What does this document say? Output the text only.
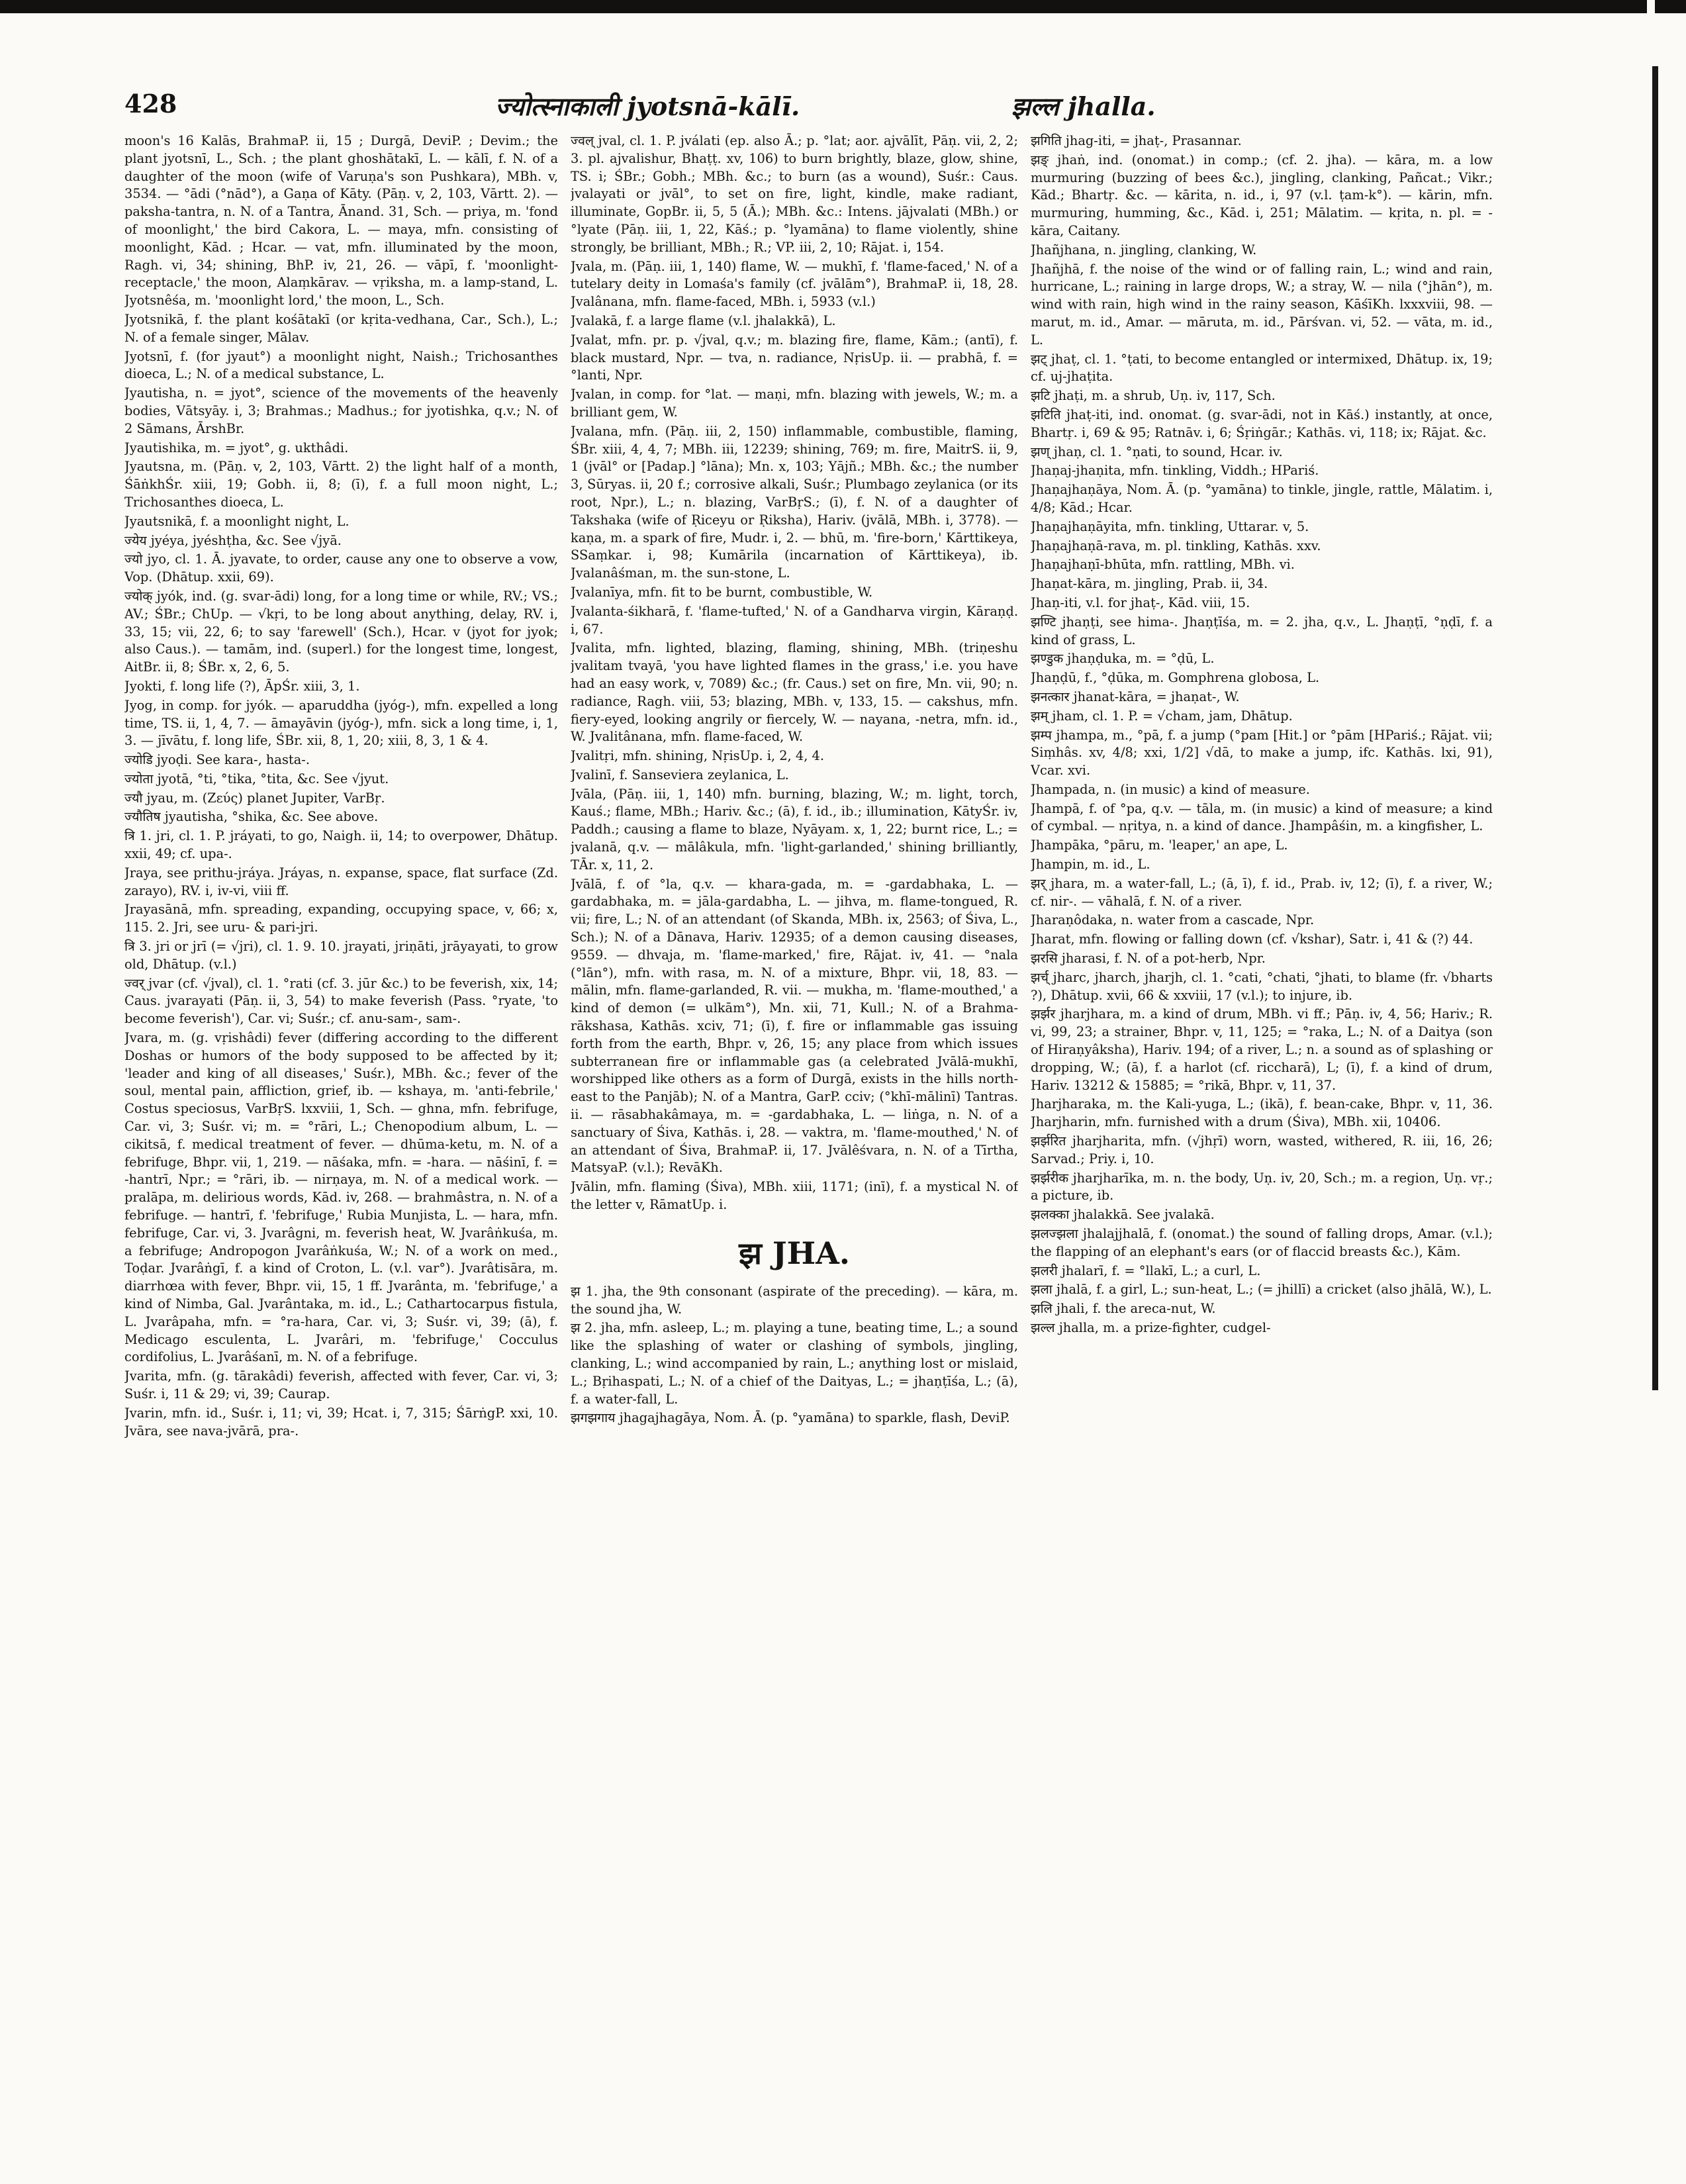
428	ज्योत्स्नाकाली jyotsnā-kālī.	झल्ल jhalla.

moon's 16 Kalās, BrahmaP. ii, 15 ; Durgā, DeviP. ; Devim.; the plant jyotsnī, L., Sch. ; the plant ghoshātakī, L. — kālī, f. N. of a daughter of the moon (wife of Varuṇa's son Pushkara), MBh. v, 3534. — °ādi (°nād°), a Gaṇa of Kāty. (Pāṇ. v, 2, 103, Vārtt. 2). — paksha-tantra, n. N. of a Tantra, Ānand. 31, Sch. — priya, m. 'fond of moonlight,' the bird Cakora, L. — maya, mfn. consisting of moonlight, Kād. ; Hcar. — vat, mfn. illuminated by the moon, Ragh. vi, 34; shining, BhP. iv, 21, 26. — vāpī, f. 'moonlight-receptacle,' the moon, Alaṃkārav. — vṛiksha, m. a lamp-stand, L. Jyotsnêśa, m. 'moonlight lord,' the moon, L., Sch.

Jyotsnikā, f. the plant kośātakī (or kṛita-vedhana, Car., Sch.), L.; N. of a female singer, Mālav.

Jyotsnī, f. (for jyaut°) a moonlight night, Naish.; Trichosanthes dioeca, L.; N. of a medical substance, L.

Jyautisha, n. = jyot°, science of the movements of the heavenly bodies, Vātsyāy. i, 3; Brahmas.; Madhus.; for jyotishka, q.v.; N. of 2 Sāmans, ĀrshBr.

Jyautishika, m. = jyot°, g. ukthâdi.

Jyautsna, m. (Pāṇ. v, 2, 103, Vārtt. 2) the light half of a month, ŚāṅkhŚr. xiii, 19; Gobh. ii, 8; (ī), f. a full moon night, L.; Trichosanthes dioeca, L.

Jyautsnikā, f. a moonlight night, L.

ज्येय jyéya, jyéshṭha, &c. See √jyā.

ज्यो jyo, cl. 1. Ā. jyavate, to order, cause any one to observe a vow, Vop. (Dhātup. xxii, 69).

ज्योक् jyók, ind. (g. svar-ādi) long, for a long time or while, RV.; VS.; AV.; ŚBr.; ChUp. — √kṛi, to be long about anything, delay, RV. i, 33, 15; vii, 22, 6; to say 'farewell' (Sch.), Hcar. v (jyot for jyok; also Caus.). — tamām, ind. (superl.) for the longest time, longest, AitBr. ii, 8; ŚBr. x, 2, 6, 5.

Jyokti, f. long life (?), ĀpŚr. xiii, 3, 1.

Jyog, in comp. for jyók. — aparuddha (jyóg-), mfn. expelled a long time, TS. ii, 1, 4, 7. — āmayāvin (jyóg-), mfn. sick a long time, i, 1, 3. — jīvātu, f. long life, ŚBr. xii, 8, 1, 20; xiii, 8, 3, 1 & 4.

ज्योडि jyoḍi. See kara-, hasta-.

ज्योता jyotā, °ti, °tika, °tita, &c. See √jyut.

ज्यौ jyau, m. (Ζεύς) planet Jupiter, VarBṛ.

ज्यौतिष jyautisha, °shika, &c. See above.

त्रि 1. jri, cl. 1. P. jráyati, to go, Naigh. ii, 14; to overpower, Dhātup. xxii, 49; cf. upa-.

Jraya, see prithu-jráya. Jráyas, n. expanse, space, flat surface (Zd. zarayo), RV. i, iv-vi, viii ff.

Jrayasānā, mfn. spreading, expanding, occupying space, v, 66; x, 115. 2. Jri, see uru- & pari-jri.

त्रि 3. jri or jrī (= √jri), cl. 1. 9. 10. jrayati, jriṇāti, jrāyayati, to grow old, Dhātup. (v.l.)

ज्वर् jvar (cf. √jval), cl. 1. °rati (cf. 3. jūr &c.) to be feverish, xix, 14; Caus. jvarayati (Pāṇ. ii, 3, 54) to make feverish (Pass. °ryate, 'to become feverish'), Car. vi; Suśr.; cf. anu-sam-, sam-.

Jvara, m. (g. vṛishâdi) fever (differing according to the different Doshas or humors of the body supposed to be affected by it; 'leader and king of all diseases,' Suśr.), MBh. &c.; fever of the soul, mental pain, affliction, grief, ib. — kshaya, m. 'anti-febrile,' Costus speciosus, VarBṛS. lxxviii, 1, Sch. — ghna, mfn. febrifuge, Car. vi, 3; Suśr. vi; m. = °rāri, L.; Chenopodium album, L. — cikitsā, f. medical treatment of fever. — dhūma-ketu, m. N. of a febrifuge, Bhpr. vii, 1, 219. — nāśaka, mfn. = -hara. — nāśinī, f. = -hantrī, Npr.; = °rāri, ib. — nirṇaya, m. N. of a medical work. — pralāpa, m. delirious words, Kād. iv, 268. — brahmâstra, n. N. of a febrifuge. — hantrī, f. 'febrifuge,' Rubia Munjista, L. — hara, mfn. febrifuge, Car. vi, 3. Jvarâgni, m. feverish heat, W. Jvarâṅkuśa, m. a febrifuge; Andropogon Jvarâṅkuśa, W.; N. of a work on med., Toḍar. Jvarâṅgī, f. a kind of Croton, L. (v.l. var°). Jvarâtisāra, m. diarrhœa with fever, Bhpr. vii, 15, 1 ff. Jvarânta, m. 'febrifuge,' a kind of Nimba, Gal. Jvarântaka, m. id., L.; Cathartocarpus fistula, L. Jvarâpaha, mfn. = °ra-hara, Car. vi, 3; Suśr. vi, 39; (ā), f. Medicago esculenta, L. Jvarâri, m. 'febrifuge,' Cocculus cordifolius, L. Jvarâśanī, m. N. of a febrifuge.

Jvarita, mfn. (g. tārakâdi) feverish, affected with fever, Car. vi, 3; Suśr. i, 11 & 29; vi, 39; Caurap.

Jvarin, mfn. id., Suśr. i, 11; vi, 39; Hcat. i, 7, 315; ŚārṅgP. xxi, 10. Jvāra, see nava-jvārā, pra-.

ज्वल् jval, cl. 1. P. jválati (ep. also Ā.; p. °lat; aor. ajvālīt, Pāṇ. vii, 2, 2; 3. pl. ajvalishur, Bhaṭṭ. xv, 106) to burn brightly, blaze, glow, shine, TS. i; ŚBr.; Gobh.; MBh. &c.; to burn (as a wound), Suśr.: Caus. jvalayati or jvāl°, to set on fire, light, kindle, make radiant, illuminate, GopBr. ii, 5, 5 (Ā.); MBh. &c.: Intens. jājvalati (MBh.) or °lyate (Pāṇ. iii, 1, 22, Kāś.; p. °lyamāna) to flame violently, shine strongly, be brilliant, MBh.; R.; VP. iii, 2, 10; Rājat. i, 154.

Jvala, m. (Pāṇ. iii, 1, 140) flame, W. — mukhī, f. 'flame-faced,' N. of a tutelary deity in Lomaśa's family (cf. jvālām°), BrahmaP. ii, 18, 28. Jvalânana, mfn. flame-faced, MBh. i, 5933 (v.l.)

Jvalakā, f. a large flame (v.l. jhalakkā), L.

Jvalat, mfn. pr. p. √jval, q.v.; m. blazing fire, flame, Kām.; (antī), f. black mustard, Npr. — tva, n. radiance, NṛisUp. ii. — prabhā, f. = °lanti, Npr.

Jvalan, in comp. for °lat. — maṇi, mfn. blazing with jewels, W.; m. a brilliant gem, W.

Jvalana, mfn. (Pāṇ. iii, 2, 150) inflammable, combustible, flaming, ŚBr. xiii, 4, 4, 7; MBh. iii, 12239; shining, 769; m. fire, MaitrS. ii, 9, 1 (jvāl° or [Padap.] °lāna); Mn. x, 103; Yājñ.; MBh. &c.; the number 3, Sūryas. ii, 20 f.; corrosive alkali, Suśr.; Plumbago zeylanica (or its root, Npr.), L.; n. blazing, VarBṛS.; (ī), f. N. of a daughter of Takshaka (wife of Ṛiceyu or Ṛiksha), Hariv. (jvālā, MBh. i, 3778). — kaṇa, m. a spark of fire, Mudr. i, 2. — bhū, m. 'fire-born,' Kārttikeya, SSaṃkar. i, 98; Kumārila (incarnation of Kārttikeya), ib. Jvalanâśman, m. the sun-stone, L.

Jvalanīya, mfn. fit to be burnt, combustible, W.

Jvalanta-śikharā, f. 'flame-tufted,' N. of a Gandharva virgin, Kāraṇḍ. i, 67.

Jvalita, mfn. lighted, blazing, flaming, shining, MBh. (triṇeshu jvalitam tvayā, 'you have lighted flames in the grass,' i.e. you have had an easy work, v, 7089) &c.; (fr. Caus.) set on fire, Mn. vii, 90; n. radiance, Ragh. viii, 53; blazing, MBh. v, 133, 15. — cakshus, mfn. fiery-eyed, looking angrily or fiercely, W. — nayana, -netra, mfn. id., W. Jvalitânana, mfn. flame-faced, W.

Jvalitṛi, mfn. shining, NṛisUp. i, 2, 4, 4.

Jvalinī, f. Sanseviera zeylanica, L.

Jvāla, (Pāṇ. iii, 1, 140) mfn. burning, blazing, W.; m. light, torch, Kauś.; flame, MBh.; Hariv. &c.; (ā), f. id., ib.; illumination, KātyŚr. iv, Paddh.; causing a flame to blaze, Nyāyam. x, 1, 22; burnt rice, L.; = jvalanā, q.v. — mālâkula, mfn. 'light-garlanded,' shining brilliantly, TĀr. x, 11, 2.

Jvālā, f. of °la, q.v. — khara-gada, m. = -gardabhaka, L. — gardabhaka, m. = jāla-gardabha, L. — jihva, m. flame-tongued, R. vii; fire, L.; N. of an attendant (of Skanda, MBh. ix, 2563; of Śiva, L., Sch.); N. of a Dānava, Hariv. 12935; of a demon causing diseases, 9559. — dhvaja, m. 'flame-marked,' fire, Rājat. iv, 41. — °nala (°lān°), mfn. with rasa, m. N. of a mixture, Bhpr. vii, 18, 83. — mālin, mfn. flame-garlanded, R. vii. — mukha, m. 'flame-mouthed,' a kind of demon (= ulkām°), Mn. xii, 71, Kull.; N. of a Brahma-rākshasa, Kathās. xciv, 71; (ī), f. fire or inflammable gas issuing forth from the earth, Bhpr. v, 26, 15; any place from which issues subterranean fire or inflammable gas (a celebrated Jvālā-mukhī, worshipped like others as a form of Durgā, exists in the hills north-east to the Panjāb); N. of a Mantra, GarP. cciv; (°khī-mālinī) Tantras. ii. — rāsabhakâmaya, m. = -gardabhaka, L. — liṅga, n. N. of a sanctuary of Śiva, Kathās. i, 28. — vaktra, m. 'flame-mouthed,' N. of an attendant of Śiva, BrahmaP. ii, 17. Jvālêśvara, n. N. of a Tīrtha, MatsyaP. (v.l.); RevāKh.

Jvālin, mfn. flaming (Śiva), MBh. xiii, 1171; (inī), f. a mystical N. of the letter v, RāmatUp. i.

झ JHA.

झ 1. jha, the 9th consonant (aspirate of the preceding). — kāra, m. the sound jha, W.

झ 2. jha, mfn. asleep, L.; m. playing a tune, beating time, L.; a sound like the splashing of water or clashing of symbols, jingling, clanking, L.; wind accompanied by rain, L.; anything lost or mislaid, L.; Bṛihaspati, L.; N. of a chief of the Daityas, L.; = jhaṇṭīśa, L.; (ā), f. a water-fall, L.

झगझगाय jhagajhagāya, Nom. Ā. (p. °yamāna) to sparkle, flash, DeviP.

झगिति jhag-iti, = jhaṭ-, Prasannar.

झङ् jhaṅ, ind. (onomat.) in comp.; (cf. 2. jha). — kāra, m. a low murmuring (buzzing of bees &c.), jingling, clanking, Pañcat.; Vikr.; Kād.; Bhartṛ. &c. — kārita, n. id., i, 97 (v.l. ṭam-k°). — kārin, mfn. murmuring, humming, &c., Kād. i, 251; Mālatim. — kṛita, n. pl. = -kāra, Caitany.

Jhañjhana, n. jingling, clanking, W.

Jhañjhā, f. the noise of the wind or of falling rain, L.; wind and rain, hurricane, L.; raining in large drops, W.; a stray, W. — nila (°jhān°), m. wind with rain, high wind in the rainy season, KāśīKh. lxxxviii, 98. — marut, m. id., Amar. — māruta, m. id., Pārśvan. vi, 52. — vāta, m. id., L.

झट् jhaṭ, cl. 1. °ṭati, to become entangled or intermixed, Dhātup. ix, 19; cf. uj-jhaṭita.

झटि jhaṭi, m. a shrub, Uṇ. iv, 117, Sch.

झटिति jhaṭ-iti, ind. onomat. (g. svar-ādi, not in Kāś.) instantly, at once, Bhartṛ. i, 69 & 95; Ratnāv. i, 6; Śṛiṅgār.; Kathās. vi, 118; ix; Rājat. &c.

झण् jhaṇ, cl. 1. °ṇati, to sound, Hcar. iv.

Jhaṇaj-jhaṇita, mfn. tinkling, Viddh.; HPariś.

Jhaṇajhaṇāya, Nom. Ā. (p. °yamāna) to tinkle, jingle, rattle, Mālatim. i, 4/8; Kād.; Hcar.

Jhaṇajhaṇāyita, mfn. tinkling, Uttarar. v, 5.

Jhaṇajhaṇā-rava, m. pl. tinkling, Kathās. xxv.

Jhaṇajhaṇī-bhūta, mfn. rattling, MBh. vi.

Jhaṇat-kāra, m. jingling, Prab. ii, 34.

Jhaṇ-iti, v.l. for jhaṭ-, Kād. viii, 15.

झण्टि jhaṇṭi, see hima-. Jhaṇṭīśa, m. = 2. jha, q.v., L. Jhaṇṭī, °ṇḍī, f. a kind of grass, L.

झण्डुक jhaṇḍuka, m. = °ḍū, L.

Jhaṇḍū, f., °ḍūka, m. Gomphrena globosa, L.

झनत्कार jhanat-kāra, = jhaṇat-, W.

झम् jham, cl. 1. P. = √cham, jam, Dhātup.

झम्प jhampa, m., °pā, f. a jump (°pam [Hit.] or °pām [HPariś.; Rājat. vii; Siṃhâs. xv, 4/8; xxi, 1/2] √dā, to make a jump, ifc. Kathās. lxi, 91), Vcar. xvi.

Jhampada, n. (in music) a kind of measure.

Jhampā, f. of °pa, q.v. — tāla, m. (in music) a kind of measure; a kind of cymbal. — nṛitya, n. a kind of dance. Jhampâśin, m. a kingfisher, L.

Jhampāka, °pāru, m. 'leaper,' an ape, L.

Jhampin, m. id., L.

झर् jhara, m. a water-fall, L.; (ā, ī), f. id., Prab. iv, 12; (ī), f. a river, W.; cf. nir-. — vāhalā, f. N. of a river.

Jharaṇôdaka, n. water from a cascade, Npr.

Jharat, mfn. flowing or falling down (cf. √kshar), Satr. i, 41 & (?) 44.

झरसि jharasi, f. N. of a pot-herb, Npr.

झर्च् jharc, jharch, jharjh, cl. 1. °cati, °chati, °jhati, to blame (fr. √bharts ?), Dhātup. xvii, 66 & xxviii, 17 (v.l.); to injure, ib.

झर्झर jharjhara, m. a kind of drum, MBh. vi ff.; Pāṇ. iv, 4, 56; Hariv.; R. vi, 99, 23; a strainer, Bhpr. v, 11, 125; = °raka, L.; N. of a Daitya (son of Hiraṇyâksha), Hariv. 194; of a river, L.; n. a sound as of splashing or dropping, W.; (ā), f. a harlot (cf. riccharā), L; (ī), f. a kind of drum, Hariv. 13212 & 15885; = °rikā, Bhpr. v, 11, 37.

Jharjharaka, m. the Kali-yuga, L.; (ikā), f. bean-cake, Bhpr. v, 11, 36. Jharjharin, mfn. furnished with a drum (Śiva), MBh. xii, 10406.

झर्झरित jharjharita, mfn. (√jhṛī) worn, wasted, withered, R. iii, 16, 26; Sarvad.; Priy. i, 10.

झर्झरीक jharjharīka, m. n. the body, Uṇ. iv, 20, Sch.; m. a region, Uṇ. vṛ.; a picture, ib.

झलक्का jhalakkā. See jvalakā.

झलज्झला jhalajjhalā, f. (onomat.) the sound of falling drops, Amar. (v.l.); the flapping of an elephant's ears (or of flaccid breasts &c.), Kām.

झलरी jhalarī, f. = °llakī, L.; a curl, L.

झला jhalā, f. a girl, L.; sun-heat, L.; (= jhillī) a cricket (also jhālā, W.), L.

झलि jhali, f. the areca-nut, W.

झल्ल jhalla, m. a prize-fighter, cudgel-
